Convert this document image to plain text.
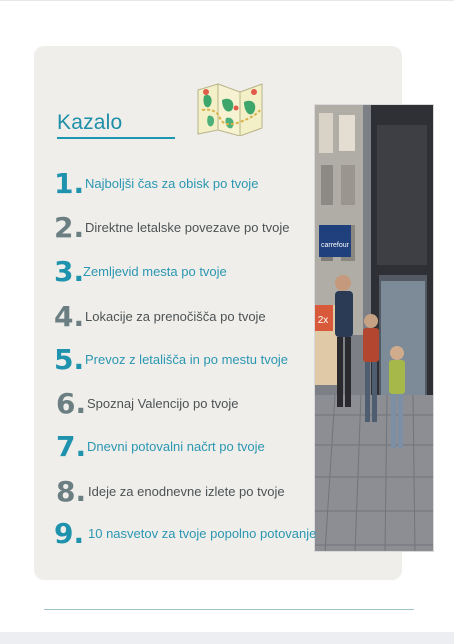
Kazalo
carrefour
2x
1. Najboljši čas za obisk po tvoje
2. Direktne letalske povezave po tvoje
3.
Zemljevid mesta po tvoje
4. Lokacije za prenočišča po tvoje
5. Prevoz z letališča in po mestu tvoje
6. Spoznaj Valencijo po tvoje
7. Dnevni potovalni načrt po tvoje
8. Ideje za enodnevne izlete po tvoje
9. 10 nasvetov za tvoje popolno potovanje
